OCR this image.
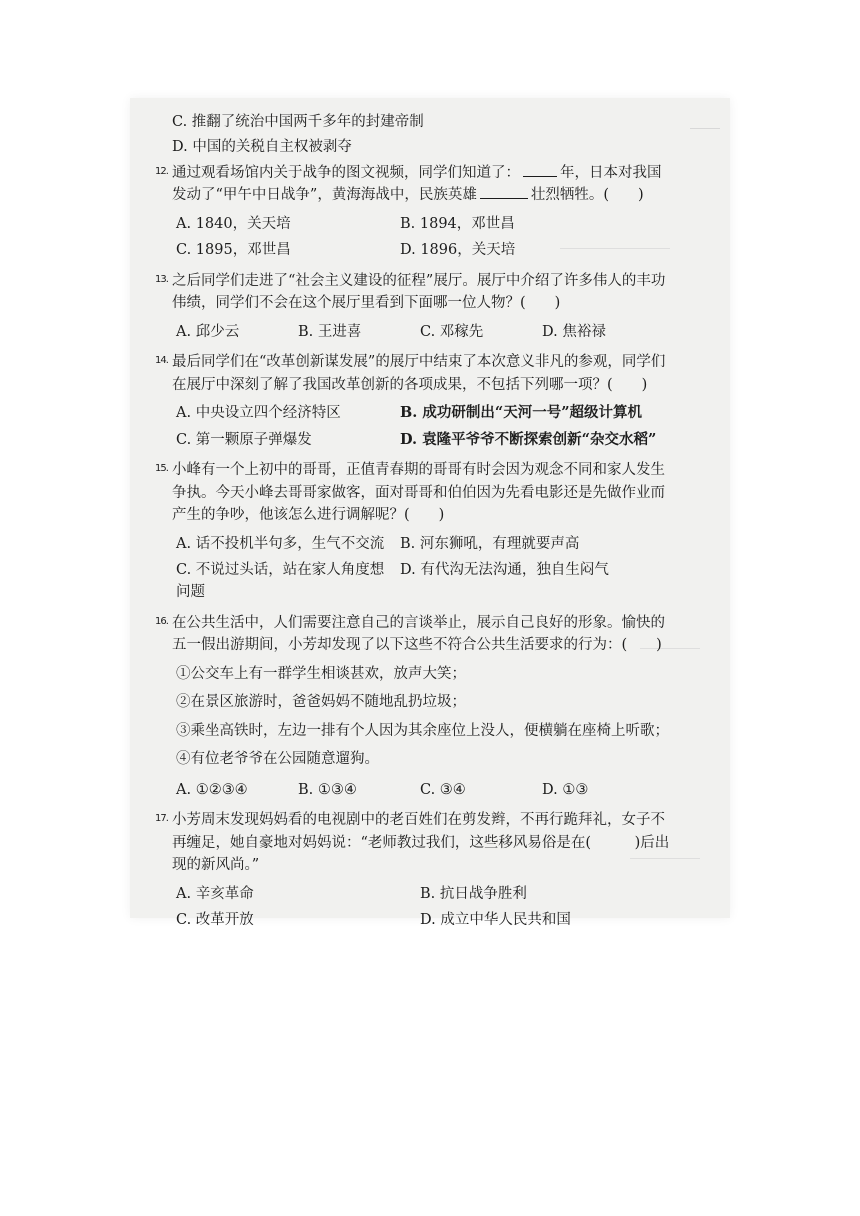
C. 推翻了统治中国两千多年的封建帝制
D. 中国的关税自主权被剥夺
12. 通过观看场馆内关于战争的图文视频，同学们知道了：	年，日本对我国发动了“甲午中日战争”，黄海海战中，民族英雄	壮烈牺牲。(　　)
A. 1840，关天培	B. 1894，邓世昌
C. 1895，邓世昌	D. 1896，关天培
13. 之后同学们走进了“社会主义建设的征程”展厅。展厅中介绍了许多伟人的丰功伟绩，同学们不会在这个展厅里看到下面哪一位人物？(　　)
A. 邱少云	B. 王进喜	C. 邓稼先	D. 焦裕禄
14. 最后同学们在“改革创新谋发展”的展厅中结束了本次意义非凡的参观，同学们在展厅中深刻了解了我国改革创新的各项成果，不包括下列哪一项？(　　)
A. 中央设立四个经济特区	B. 成功研制出“天河一号”超级计算机
C. 第一颗原子弹爆发	D. 袁隆平爷爷不断探索创新“杂交水稻”
15. 小峰有一个上初中的哥哥，正值青春期的哥哥有时会因为观念不同和家人发生争执。今天小峰去哥哥家做客，面对哥哥和伯伯因为先看电影还是先做作业而产生的争吵，他该怎么进行调解呢？(　　)
A. 话不投机半句多，生气不交流	B. 河东狮吼，有理就要声高
C. 不说过头话，站在家人角度想问题
D. 有代沟无法沟通，独自生闷气
16. 在公共生活中，人们需要注意自己的言谈举止，展示自己良好的形象。愉快的五一假出游期间，小芳却发现了以下这些不符合公共生活要求的行为：(　　)
①公交车上有一群学生相谈甚欢，放声大笑；
②在景区旅游时，爸爸妈妈不随地乱扔垃圾；
③乘坐高铁时，左边一排有个人因为其余座位上没人，便横躺在座椅上听歌；
④有位老爷爷在公园随意遛狗。
A. ①②③④	B. ①③④	C. ③④	D. ①③
17. 小芳周末发现妈妈看的电视剧中的老百姓们在剪发辫，不再行跪拜礼，女子不再缠足，她自豪地对妈妈说：“老师教过我们，这些移风易俗是在(　　　)后出现的新风尚。”
A. 辛亥革命	B. 抗日战争胜利
C. 改革开放	D. 成立中华人民共和国
